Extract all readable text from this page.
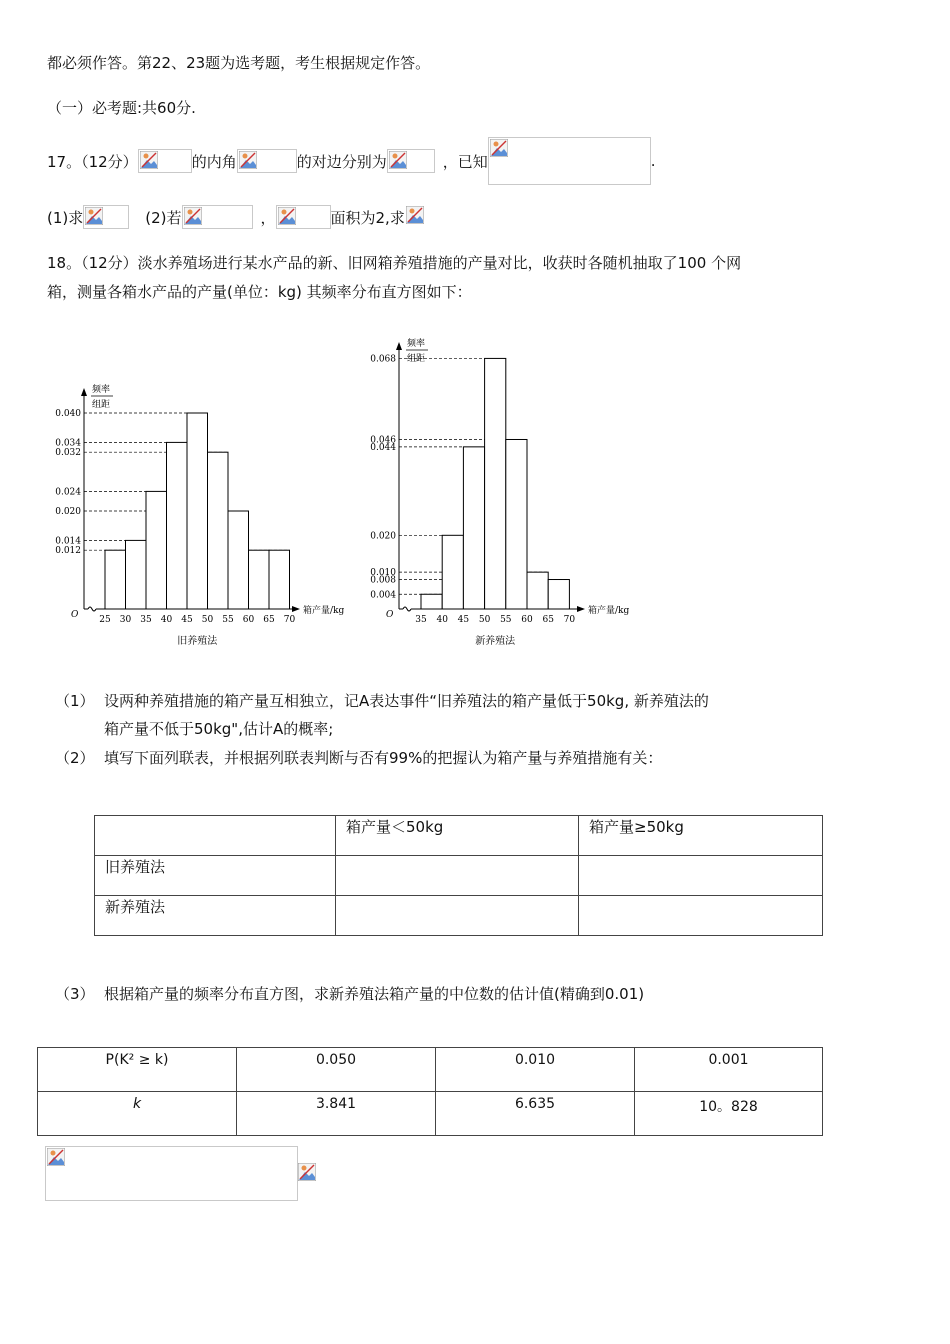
都必须作答。第22、23题为选考题，考生根据规定作答。
（一）必考题:共60分.
17。（12分）	的内角	的对边分别为	，已知	.
(1)求	(2)若	，	面积为2,求
18。（12分）淡水养殖场进行某水产品的新、旧网箱养殖措施的产量对比，收获时各随机抽取了100 个网
箱，测量各箱水产品的产量(单位：kg) 其频率分布直方图如下：
O
频率
组距
0.040
0.034
0.032
0.024
0.020
0.014
0.012
25 30 35 40 45 50 55 60 65 70
箱产量/kg
旧养殖法
O
频率
组距
0.068
0.046
0.044
0.020
0.010
0.008
0.004
35 40 45 50 55 60 65 70
箱产量/kg
新养殖法
（1） 设两种养殖措施的箱产量互相独立，记A表达事件“旧养殖法的箱产量低于50kg, 新养殖法的
箱产量不低于50kg",估计A的概率;
（2） 填写下面列联表，并根据列联表判断与否有99%的把握认为箱产量与养殖措施有关：
	箱产量＜50kg	箱产量≥50kg
旧养殖法		
新养殖法		
（3） 根据箱产量的频率分布直方图，求新养殖法箱产量的中位数的估计值(精确到0.01)
P(K² ≥ k)	0.050	0.010	0.001
k	3.841	6.635	10。828
